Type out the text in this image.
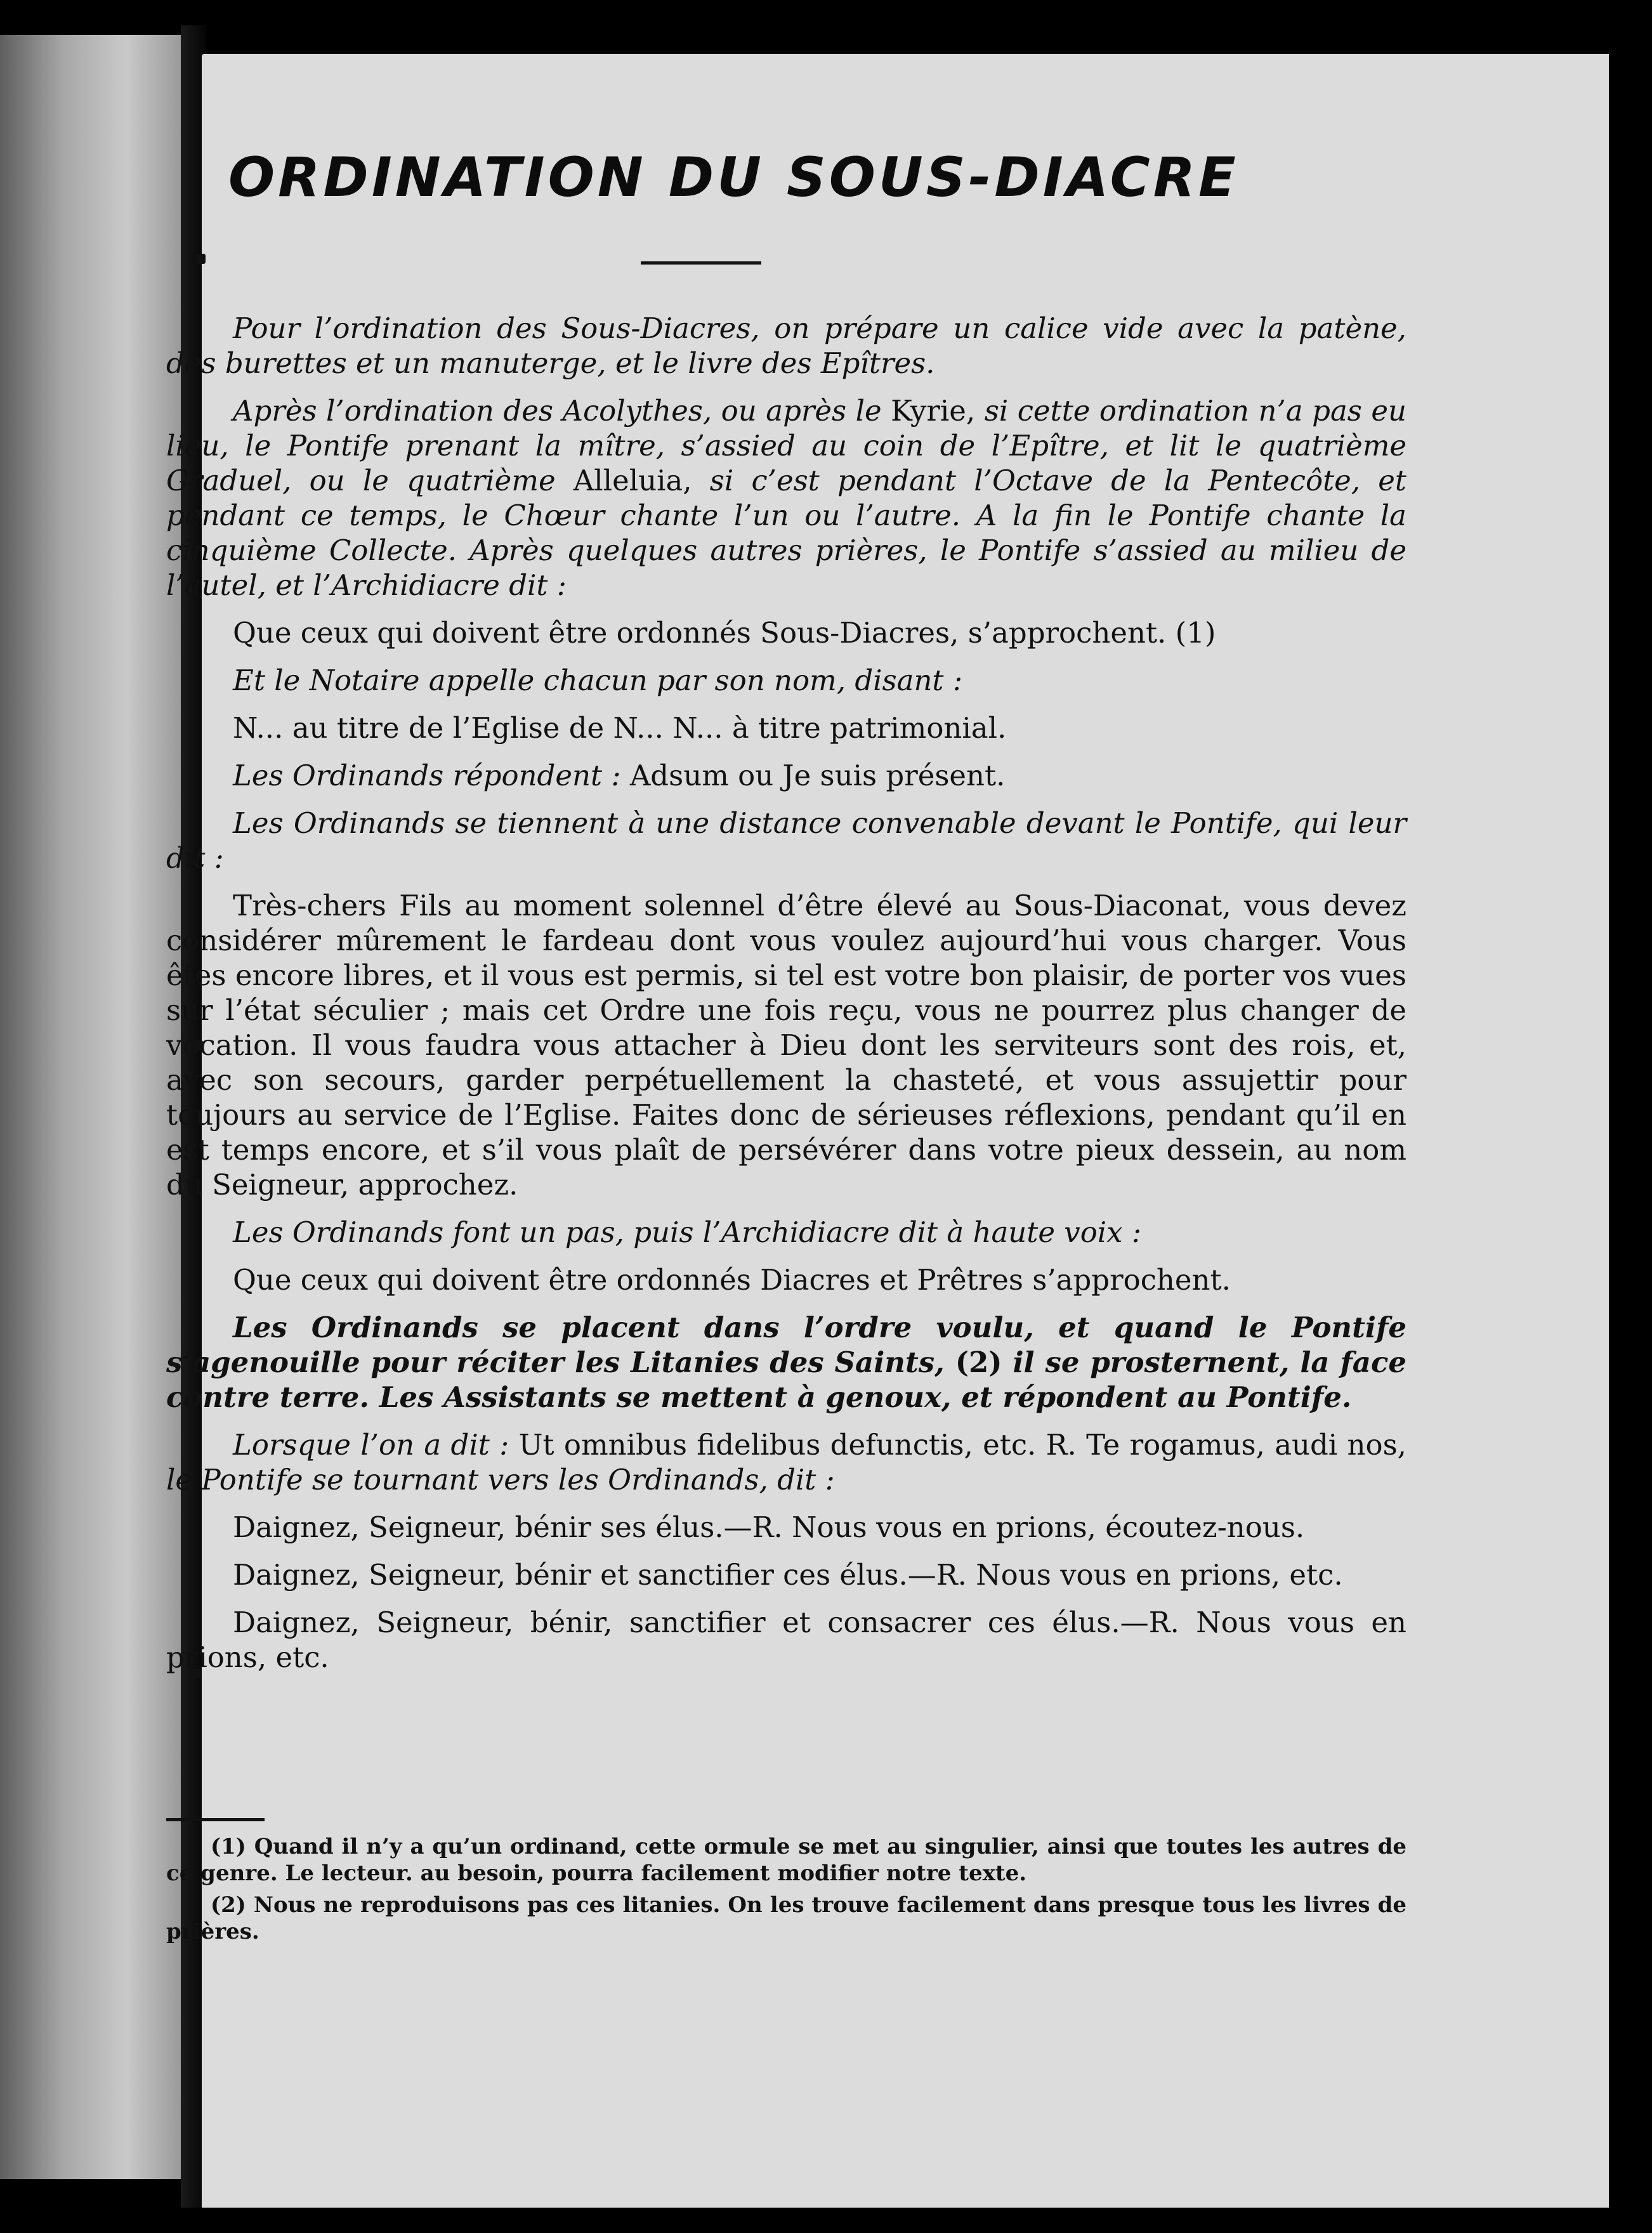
ORDINATION DU SOUS-DIACRE

Pour l’ordination des Sous-Diacres, on prépare un calice vide avec la patène, des burettes et un manuterge, et le livre des Epîtres.

Après l’ordination des Acolythes, ou après le Kyrie, si cette ordination n’a pas eu lieu, le Pontife prenant la mître, s’assied au coin de l’Epître, et lit le quatrième Graduel, ou le quatrième Alleluia, si c’est pendant l’Octave de la Pentecôte, et pendant ce temps, le Chœur chante l’un ou l’autre. A la fin le Pontife chante la cinquième Collecte. Après quelques autres prières, le Pontife s’assied au milieu de l’autel, et l’Archidiacre dit :

Que ceux qui doivent être ordonnés Sous-Diacres, s’approchent. (1)

Et le Notaire appelle chacun par son nom, disant :

N... au titre de l’Eglise de N... N... à titre patrimonial.

Les Ordinands répondent : Adsum ou Je suis présent.

Les Ordinands se tiennent à une distance convenable devant le Pontife, qui leur dit :

Très-chers Fils au moment solennel d’être élevé au Sous-Diaconat, vous devez considérer mûrement le fardeau dont vous voulez aujourd’hui vous charger. Vous êtes encore libres, et il vous est permis, si tel est votre bon plaisir, de porter vos vues sur l’état séculier ; mais cet Ordre une fois reçu, vous ne pourrez plus changer de vocation. Il vous faudra vous attacher à Dieu dont les serviteurs sont des rois, et, avec son secours, garder perpétuellement la chasteté, et vous assujettir pour toujours au service de l’Eglise. Faites donc de sérieuses réflexions, pendant qu’il en est temps encore, et s’il vous plaît de persévérer dans votre pieux dessein, au nom du Seigneur, approchez.

Les Ordinands font un pas, puis l’Archidiacre dit à haute voix :

Que ceux qui doivent être ordonnés Diacres et Prêtres s’approchent.

Les Ordinands se placent dans l’ordre voulu, et quand le Pontife s’agenouille pour réciter les Litanies des Saints, (2) il se prosternent, la face contre terre. Les Assistants se mettent à genoux, et répondent au Pontife.

Lorsque l’on a dit : Ut omnibus fidelibus defunctis, etc. R. Te rogamus, audi nos, le Pontife se tournant vers les Ordinands, dit :

Daignez, Seigneur, bénir ses élus.—R. Nous vous en prions, écoutez-nous.

Daignez, Seigneur, bénir et sanctifier ces élus.—R. Nous vous en prions, etc.

Daignez, Seigneur, bénir, sanctifier et consacrer ces élus.—R. Nous vous en prions, etc.

(1) Quand il n’y a qu’un ordinand, cette ormule se met au singulier, ainsi que toutes les autres de ce genre. Le lecteur. au besoin, pourra facilement modifier notre texte.

(2) Nous ne reproduisons pas ces litanies. On les trouve facilement dans presque tous les livres de prières.
